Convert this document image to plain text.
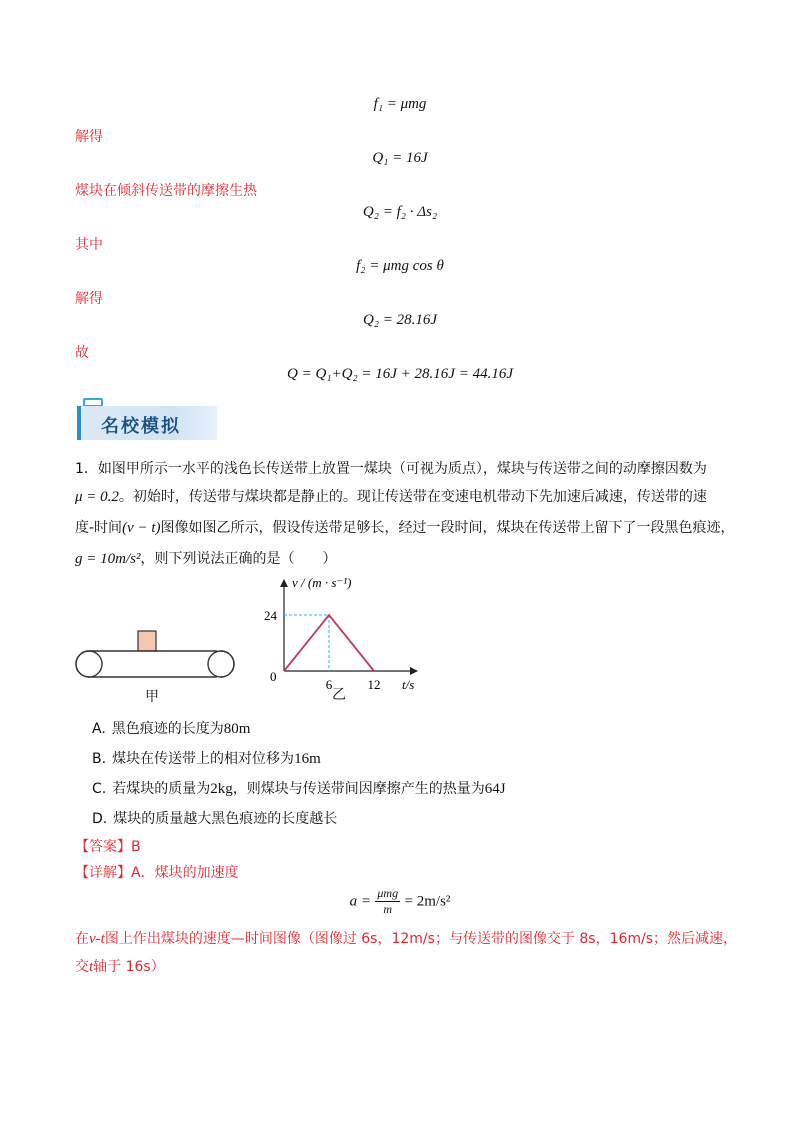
f₁ = μmg
解得
Q₁ = 16J
煤块在倾斜传送带的摩擦生热
Q₂ = f₂ · Δs₂
其中
f₂ = μmg cos θ
解得
Q₂ = 28.16J
故
Q = Q₁+Q₂ = 16J + 28.16J = 44.16J
名校模拟
1．如图甲所示一水平的浅色长传送带上放置一煤块（可视为质点），煤块与传送带之间的动摩擦因数为
μ = 0.2。初始时，传送带与煤块都是静止的。现让传送带在变速电机带动下先加速后减速，传送带的速
度-时间(v − t)图像如图乙所示，假设传送带足够长，经过一段时间，煤块在传送带上留下了一段黑色痕迹，
g = 10m/s²，则下列说法正确的是（　　）
甲
v / (m · s⁻¹)
t/s
0
24
6	12
乙
A. 黑色痕迹的长度为80m
B. 煤块在传送带上的相对位移为16m
C. 若煤块的质量为2kg，则煤块与传送带间因摩擦产生的热量为64J
D. 煤块的质量越大黑色痕迹的长度越长
【答案】B
【详解】A．煤块的加速度
$a = \frac{\text{μmg}}{m} = 2m/s^2$
在v-t图上作出煤块的速度—时间图像（图像过 6s，12m/s；与传送带的图像交于 8s，16m/s；然后减速，
交t轴于 16s）
